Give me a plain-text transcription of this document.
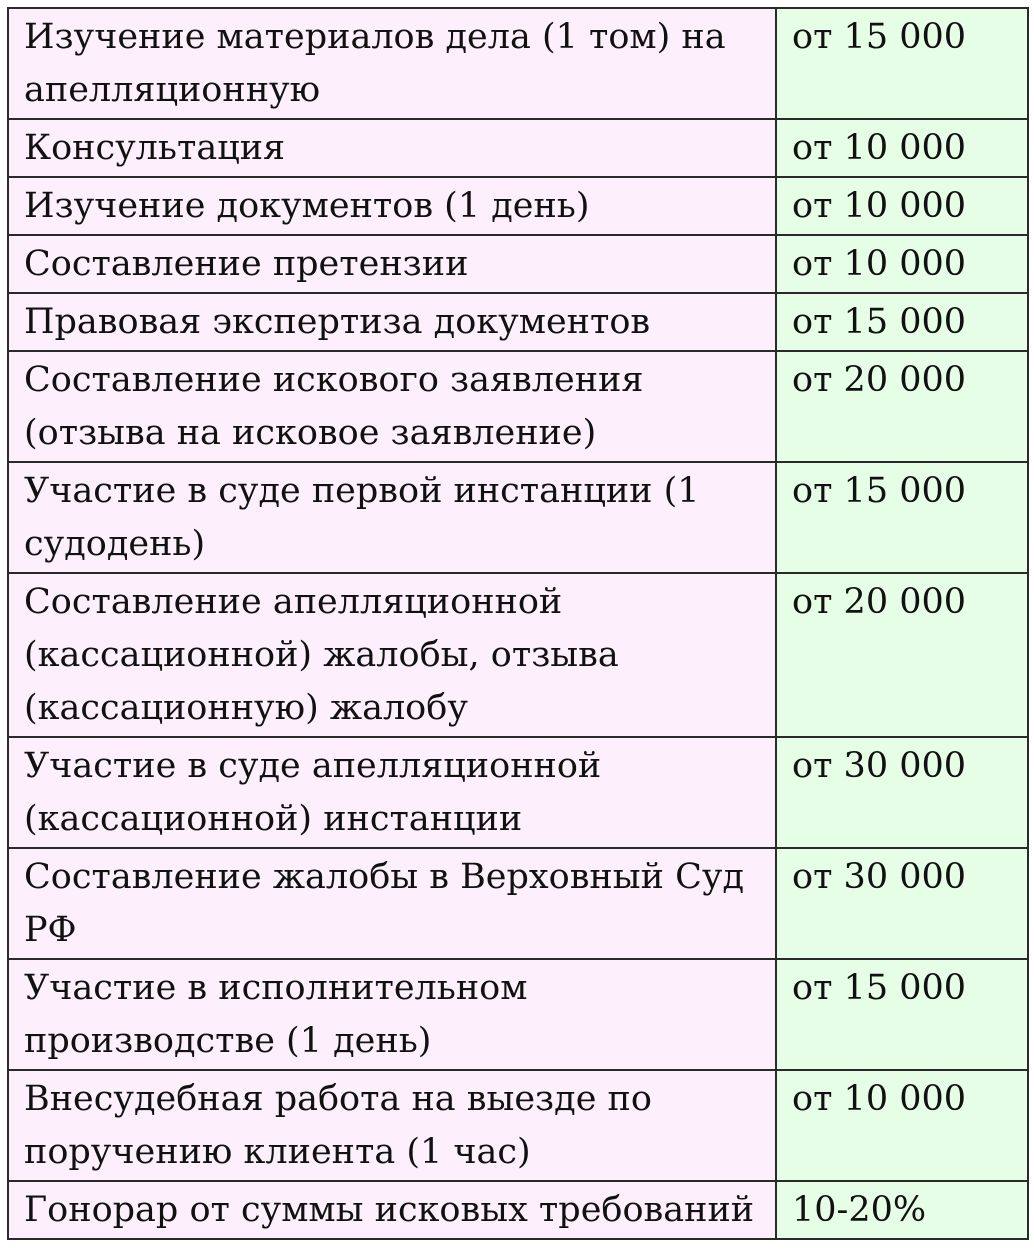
Изучение материалов дела (1 том) на апелляционную	от 15 000
Консультация	от 10 000
Изучение документов (1 день)	от 10 000
Составление претензии	от 10 000
Правовая экспертиза документов	от 15 000
Составление искового заявления (отзыва на исковое заявление)	от 20 000
Участие в суде первой инстанции (1 судодень)	от 15 000
Составление апелляционной (кассационной) жалобы, отзыва (кассационную) жалобу	от 20 000
Участие в суде апелляционной (кассационной) инстанции	от 30 000
Составление жалобы в Верховный Суд РФ	от 30 000
Участие в исполнительном производстве (1 день)	от 15 000
Внесудебная работа на выезде по поручению клиента (1 час)	от 10 000
Гонорар от суммы исковых требований	10-20%
